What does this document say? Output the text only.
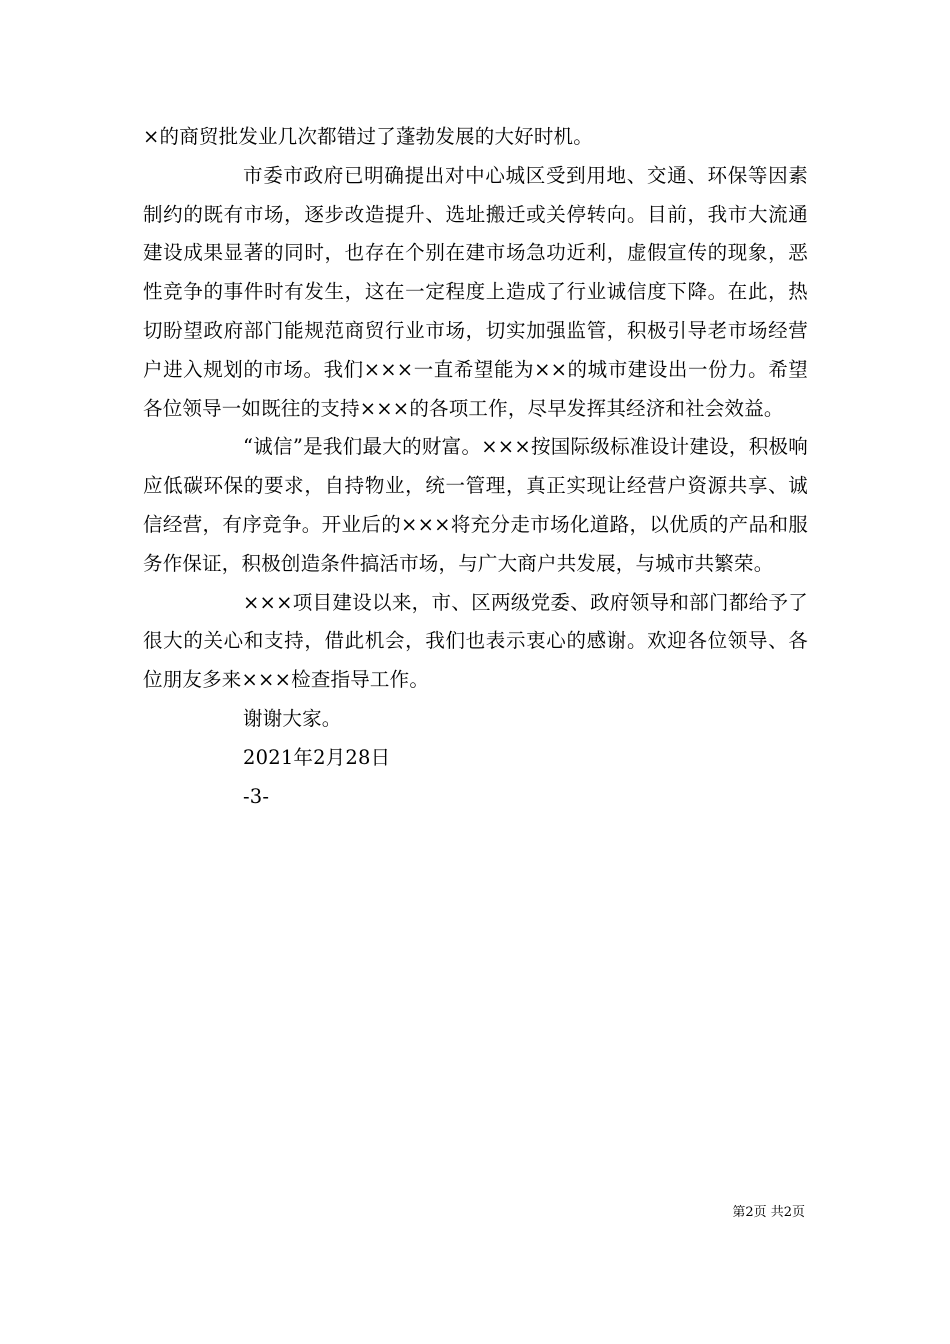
×的商贸批发业几次都错过了蓬勃发展的大好时机。

市委市政府已明确提出对中心城区受到用地、交通、环保等因素制约的既有市场，逐步改造提升、选址搬迁或关停转向。目前，我市大流通建设成果显著的同时，也存在个别在建市场急功近利，虚假宣传的现象，恶性竞争的事件时有发生，这在一定程度上造成了行业诚信度下降。在此，热切盼望政府部门能规范商贸行业市场，切实加强监管，积极引导老市场经营户进入规划的市场。我们×××一直希望能为××的城市建设出一份力。希望各位领导一如既往的支持×××的各项工作，尽早发挥其经济和社会效益。

“诚信”是我们最大的财富。×××按国际级标准设计建设，积极响应低碳环保的要求，自持物业，统一管理，真正实现让经营户资源共享、诚信经营，有序竞争。开业后的×××将充分走市场化道路，以优质的产品和服务作保证，积极创造条件搞活市场，与广大商户共发展，与城市共繁荣。

×××项目建设以来，市、区两级党委、政府领导和部门都给予了很大的关心和支持，借此机会，我们也表示衷心的感谢。欢迎各位领导、各位朋友多来×××检查指导工作。

谢谢大家。

2021年2月28日

-3-

第2页 共2页
